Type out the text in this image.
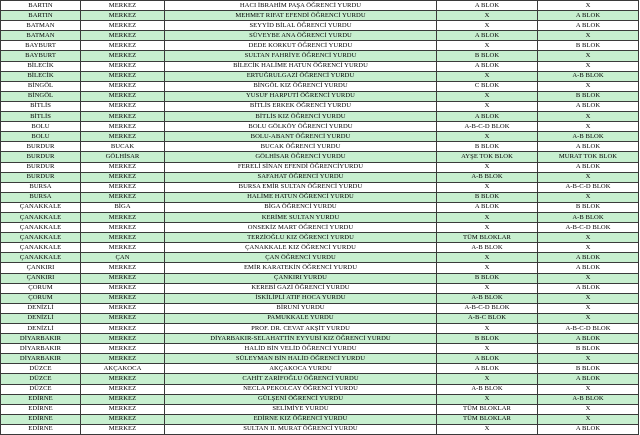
BARTIN	MERKEZ	HACI İBRAHİM PAŞA ÖĞRENCİ YURDU	A BLOK	X
BARTIN	MERKEZ	MEHMET RIFAT EFENDİ ÖĞRENCİ YURDU	X	A BLOK
BATMAN	MERKEZ	SEYYİD BİLAL ÖĞRENCİ YURDU	X	A BLOK
BATMAN	MERKEZ	SÜVEYBE ANA ÖĞRENCİ YURDU	A BLOK	X
BAYBURT	MERKEZ	DEDE KORKUT ÖĞRENCİ YURDU	X	B BLOK
BAYBURT	MERKEZ	SULTAN FAHRİYE ÖĞRENCİ YURDU	B BLOK	X
BİLECİK	MERKEZ	BİLECİK HALİME HATUN ÖĞRENCİ YURDU	A BLOK	X
BİLECİK	MERKEZ	ERTUĞRULGAZİ ÖĞRENCİ YURDU	X	A-B BLOK
BİNGÖL	MERKEZ	BİNGÖL KIZ ÖĞRENCİ YURDU	C BLOK	X
BİNGÖL	MERKEZ	YUSUF HARPUTİ ÖĞRENCİ YURDU	X	B BLOK
BİTLİS	MERKEZ	BİTLİS ERKEK ÖĞRENCİ YURDU	X	A BLOK
BİTLİS	MERKEZ	BİTLİS KIZ ÖĞRENCİ YURDU	A BLOK	X
BOLU	MERKEZ	BOLU GÖLKÖY ÖĞRENCİ YURDU	A-B-C-D BLOK	X
BOLU	MERKEZ	BOLU-ABANT ÖĞRENCİ YURDU	X	A-B BLOK
BURDUR	BUCAK	BUCAK ÖĞRENCİ YURDU	B BLOK	A BLOK
BURDUR	GÖLHİSAR	GÖLHİSAR ÖĞRENCİ YURDU	AYŞE TOK BLOK	MURAT TOK BLOK
BURDUR	MERKEZ	FERELİ SİNAN EFENDİ ÖĞRENCİYURDU	X	A BLOK
BURDUR	MERKEZ	SAFAHAT ÖĞRENCİ YURDU	A-B BLOK	X
BURSA	MERKEZ	BURSA EMİR SULTAN ÖĞRENCİ YURDU	X	A-B-C-D BLOK
BURSA	MERKEZ	HALİME HATUN ÖĞRENCİ YURDU	B BLOK	X
ÇANAKKALE	BİGA	BİGA ÖĞRENCİ YURDU	A BLOK	B BLOK
ÇANAKKALE	MERKEZ	KERİME SULTAN YURDU	X	A-B BLOK
ÇANAKKALE	MERKEZ	ONSEKİZ MART ÖĞRENCİ YURDU	X	A-B-C-D BLOK
ÇANAKKALE	MERKEZ	TERZİOĞLU KIZ ÖĞRENCİ YURDU	TÜM BLOKLAR	X
ÇANAKKALE	MERKEZ	ÇANAKKALE KIZ ÖĞRENCİ YURDU	A-B BLOK	X
ÇANAKKALE	ÇAN	ÇAN ÖĞRENCİ YURDU	X	A BLOK
ÇANKIRI	MERKEZ	EMİR KARATEKİN ÖĞRENCİ YURDU	X	A BLOK
ÇANKIRI	MERKEZ	ÇANKIRI YURDU	B BLOK	X
ÇORUM	MERKEZ	KEREBİ GAZİ ÖĞRENCİ YURDU	X	A BLOK
ÇORUM	MERKEZ	İSKİLİPLİ ATIF HOCA YURDU	A-B BLOK	X
DENİZLİ	MERKEZ	BİRUNİ YURDU	A-B-C-D BLOK	X
DENİZLİ	MERKEZ	PAMUKKALE YURDU	A-B-C BLOK	X
DENİZLİ	MERKEZ	PROF. DR. CEVAT AKŞİT YURDU	X	A-B-C-D BLOK
DİYARBAKIR	MERKEZ	DİYARBAKIR-SELAHATTİN EYYUBİ KIZ ÖĞRENCİ YURDU	B BLOK	A BLOK
DİYARBAKIR	MERKEZ	HALİD BİN VELİD ÖĞRENCİ YURDU	X	B BLOK
DİYARBAKIR	MERKEZ	SÜLEYMAN BİN HALİD ÖĞRENCİ YURDU	A BLOK	X
DÜZCE	AKÇAKOCA	AKÇAKOCA YURDU	A BLOK	B BLOK
DÜZCE	MERKEZ	CAHİT ZARİFOĞLU ÖĞRENCİ YURDU	X	A BLOK
DÜZCE	MERKEZ	NECLA PEKOLCAY ÖĞRENCİ YURDU	A-B BLOK	X
EDİRNE	MERKEZ	GÜLŞENİ ÖĞRENCİ YURDU	X	A-B BLOK
EDİRNE	MERKEZ	SELİMİYE YURDU	TÜM BLOKLAR	X
EDİRNE	MERKEZ	EDİRNE KIZ ÖĞRENCİ YURDU	TÜM BLOKLAR	X
EDİRNE	MERKEZ	SULTAN II. MURAT ÖĞRENCİ YURDU	X	A BLOK
